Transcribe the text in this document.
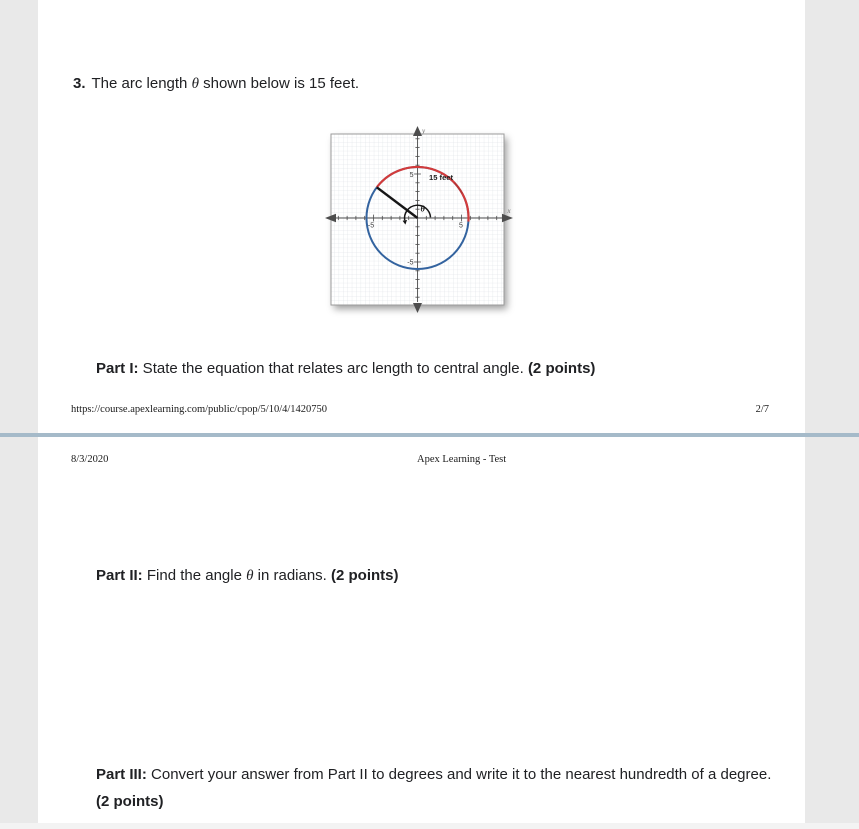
3. The arc length θ shown below is 15 feet.
y
x
-5	5
5
-5
θ
15 feet
Part I: State the equation that relates arc length to central angle. (2 points)
https://course.apexlearning.com/public/cpop/5/10/4/1420750	2/7
8/3/2020	Apex Learning - Test
Part II: Find the angle θ in radians. (2 points)
Part III: Convert your answer from Part II to degrees and write it to the nearest hundredth of a degree. (2 points)
